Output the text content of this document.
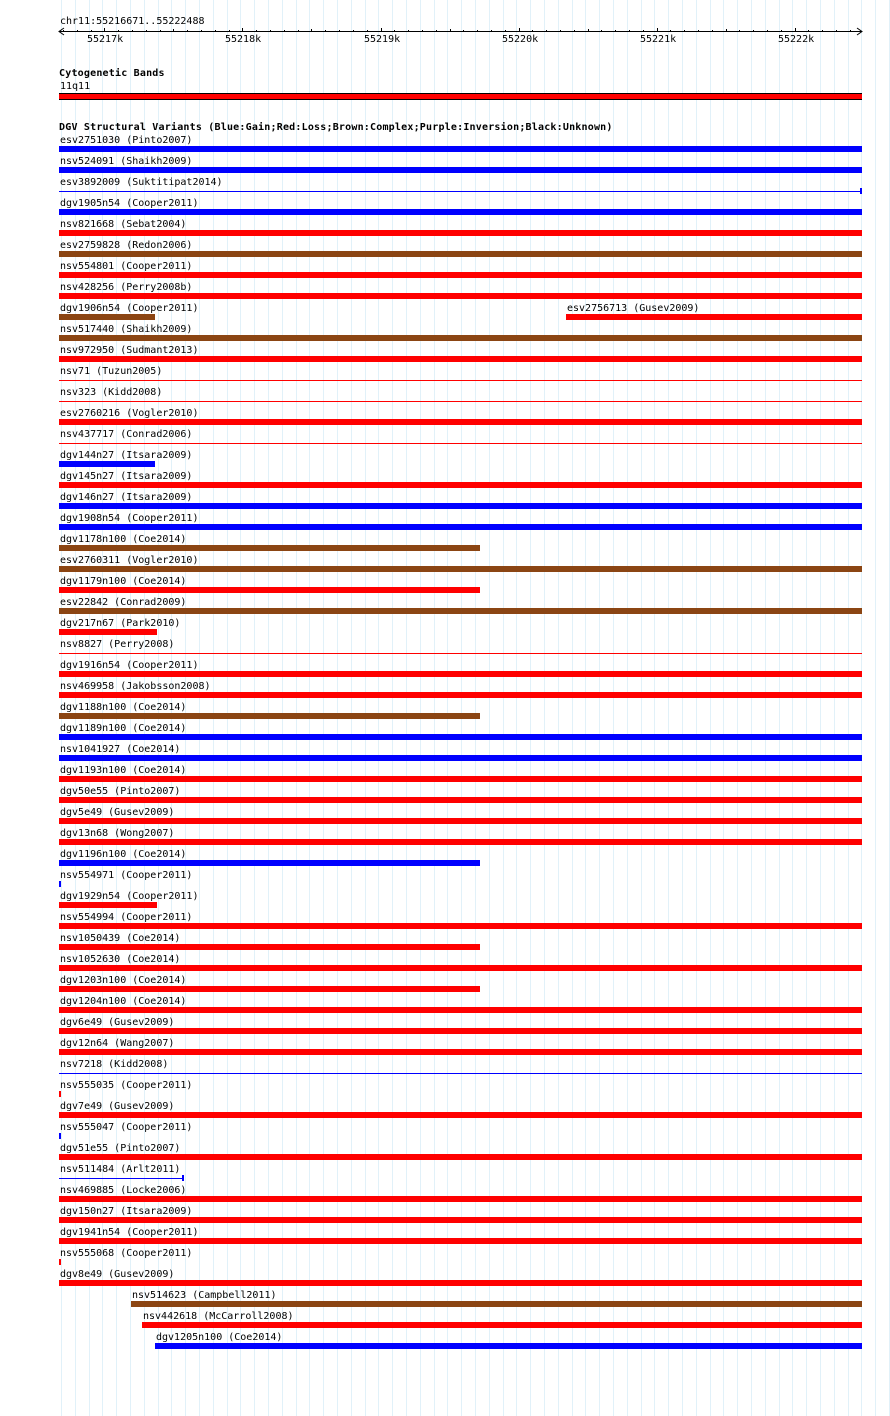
chr11:55216671..55222488
55217k	55218k	55219k	55220k	55221k	55222k
Cytogenetic Bands
11q11
DGV Structural Variants (Blue:Gain;Red:Loss;Brown:Complex;Purple:Inversion;Black:Unknown)
esv2751030 (Pinto2007)
nsv524091 (Shaikh2009)
esv3892009 (Suktitipat2014)
dgv1905n54 (Cooper2011)
nsv821668 (Sebat2004)
esv2759828 (Redon2006)
nsv554801 (Cooper2011)
nsv428256 (Perry2008b)
dgv1906n54 (Cooper2011)	esv2756713 (Gusev2009)
nsv517440 (Shaikh2009)
nsv972950 (Sudmant2013)
nsv71 (Tuzun2005)
nsv323 (Kidd2008)
esv2760216 (Vogler2010)
nsv437717 (Conrad2006)
dgv144n27 (Itsara2009)
dgv145n27 (Itsara2009)
dgv146n27 (Itsara2009)
dgv1908n54 (Cooper2011)
dgv1178n100 (Coe2014)
esv2760311 (Vogler2010)
dgv1179n100 (Coe2014)
esv22842 (Conrad2009)
dgv217n67 (Park2010)
nsv8827 (Perry2008)
dgv1916n54 (Cooper2011)
nsv469958 (Jakobsson2008)
dgv1188n100 (Coe2014)
dgv1189n100 (Coe2014)
nsv1041927 (Coe2014)
dgv1193n100 (Coe2014)
dgv50e55 (Pinto2007)
dgv5e49 (Gusev2009)
dgv13n68 (Wong2007)
dgv1196n100 (Coe2014)
nsv554971 (Cooper2011)
dgv1929n54 (Cooper2011)
nsv554994 (Cooper2011)
nsv1050439 (Coe2014)
nsv1052630 (Coe2014)
dgv1203n100 (Coe2014)
dgv1204n100 (Coe2014)
dgv6e49 (Gusev2009)
dgv12n64 (Wang2007)
nsv7218 (Kidd2008)
nsv555035 (Cooper2011)
dgv7e49 (Gusev2009)
nsv555047 (Cooper2011)
dgv51e55 (Pinto2007)
nsv511484 (Arlt2011)
nsv469885 (Locke2006)
dgv150n27 (Itsara2009)
dgv1941n54 (Cooper2011)
nsv555068 (Cooper2011)
dgv8e49 (Gusev2009)
nsv514623 (Campbell2011)
nsv442618 (McCarroll2008)
dgv1205n100 (Coe2014)
